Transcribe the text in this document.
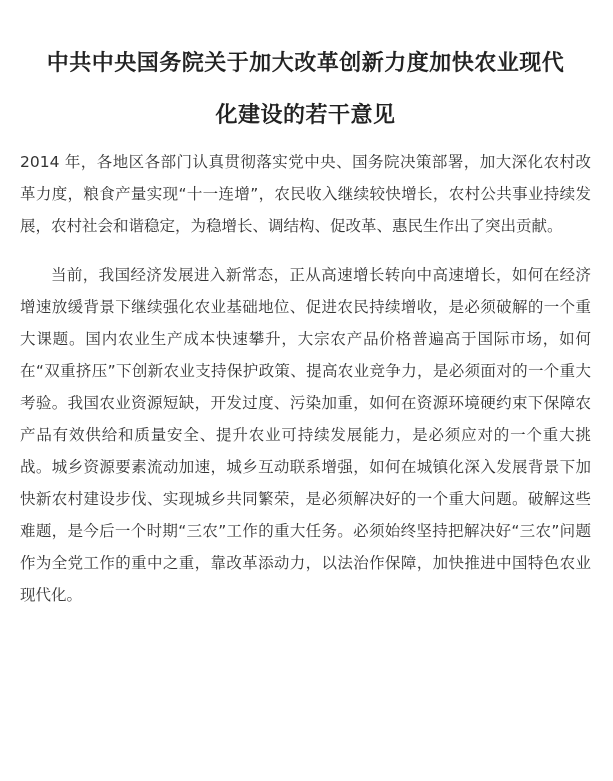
中共中央国务院关于加大改革创新力度加快农业现代
化建设的若干意见

2014 年，各地区各部门认真贯彻落实党中央、国务院决策部署，加大深化农村改革力度，粮食产量实现“十一连增”，农民收入继续较快增长，农村公共事业持续发展，农村社会和谐稳定，为稳增长、调结构、促改革、惠民生作出了突出贡献。

当前，我国经济发展进入新常态，正从高速增长转向中高速增长，如何在经济增速放缓背景下继续强化农业基础地位、促进农民持续增收，是必须破解的一个重大课题。国内农业生产成本快速攀升，大宗农产品价格普遍高于国际市场，如何在“双重挤压”下创新农业支持保护政策、提高农业竞争力，是必须面对的一个重大考验。我国农业资源短缺，开发过度、污染加重，如何在资源环境硬约束下保障农产品有效供给和质量安全、提升农业可持续发展能力，是必须应对的一个重大挑战。城乡资源要素流动加速，城乡互动联系增强，如何在城镇化深入发展背景下加快新农村建设步伐、实现城乡共同繁荣，是必须解决好的一个重大问题。破解这些难题，是今后一个时期“三农”工作的重大任务。必须始终坚持把解决好“三农”问题作为全党工作的重中之重，靠改革添动力，以法治作保障，加快推进中国特色农业现代化。
